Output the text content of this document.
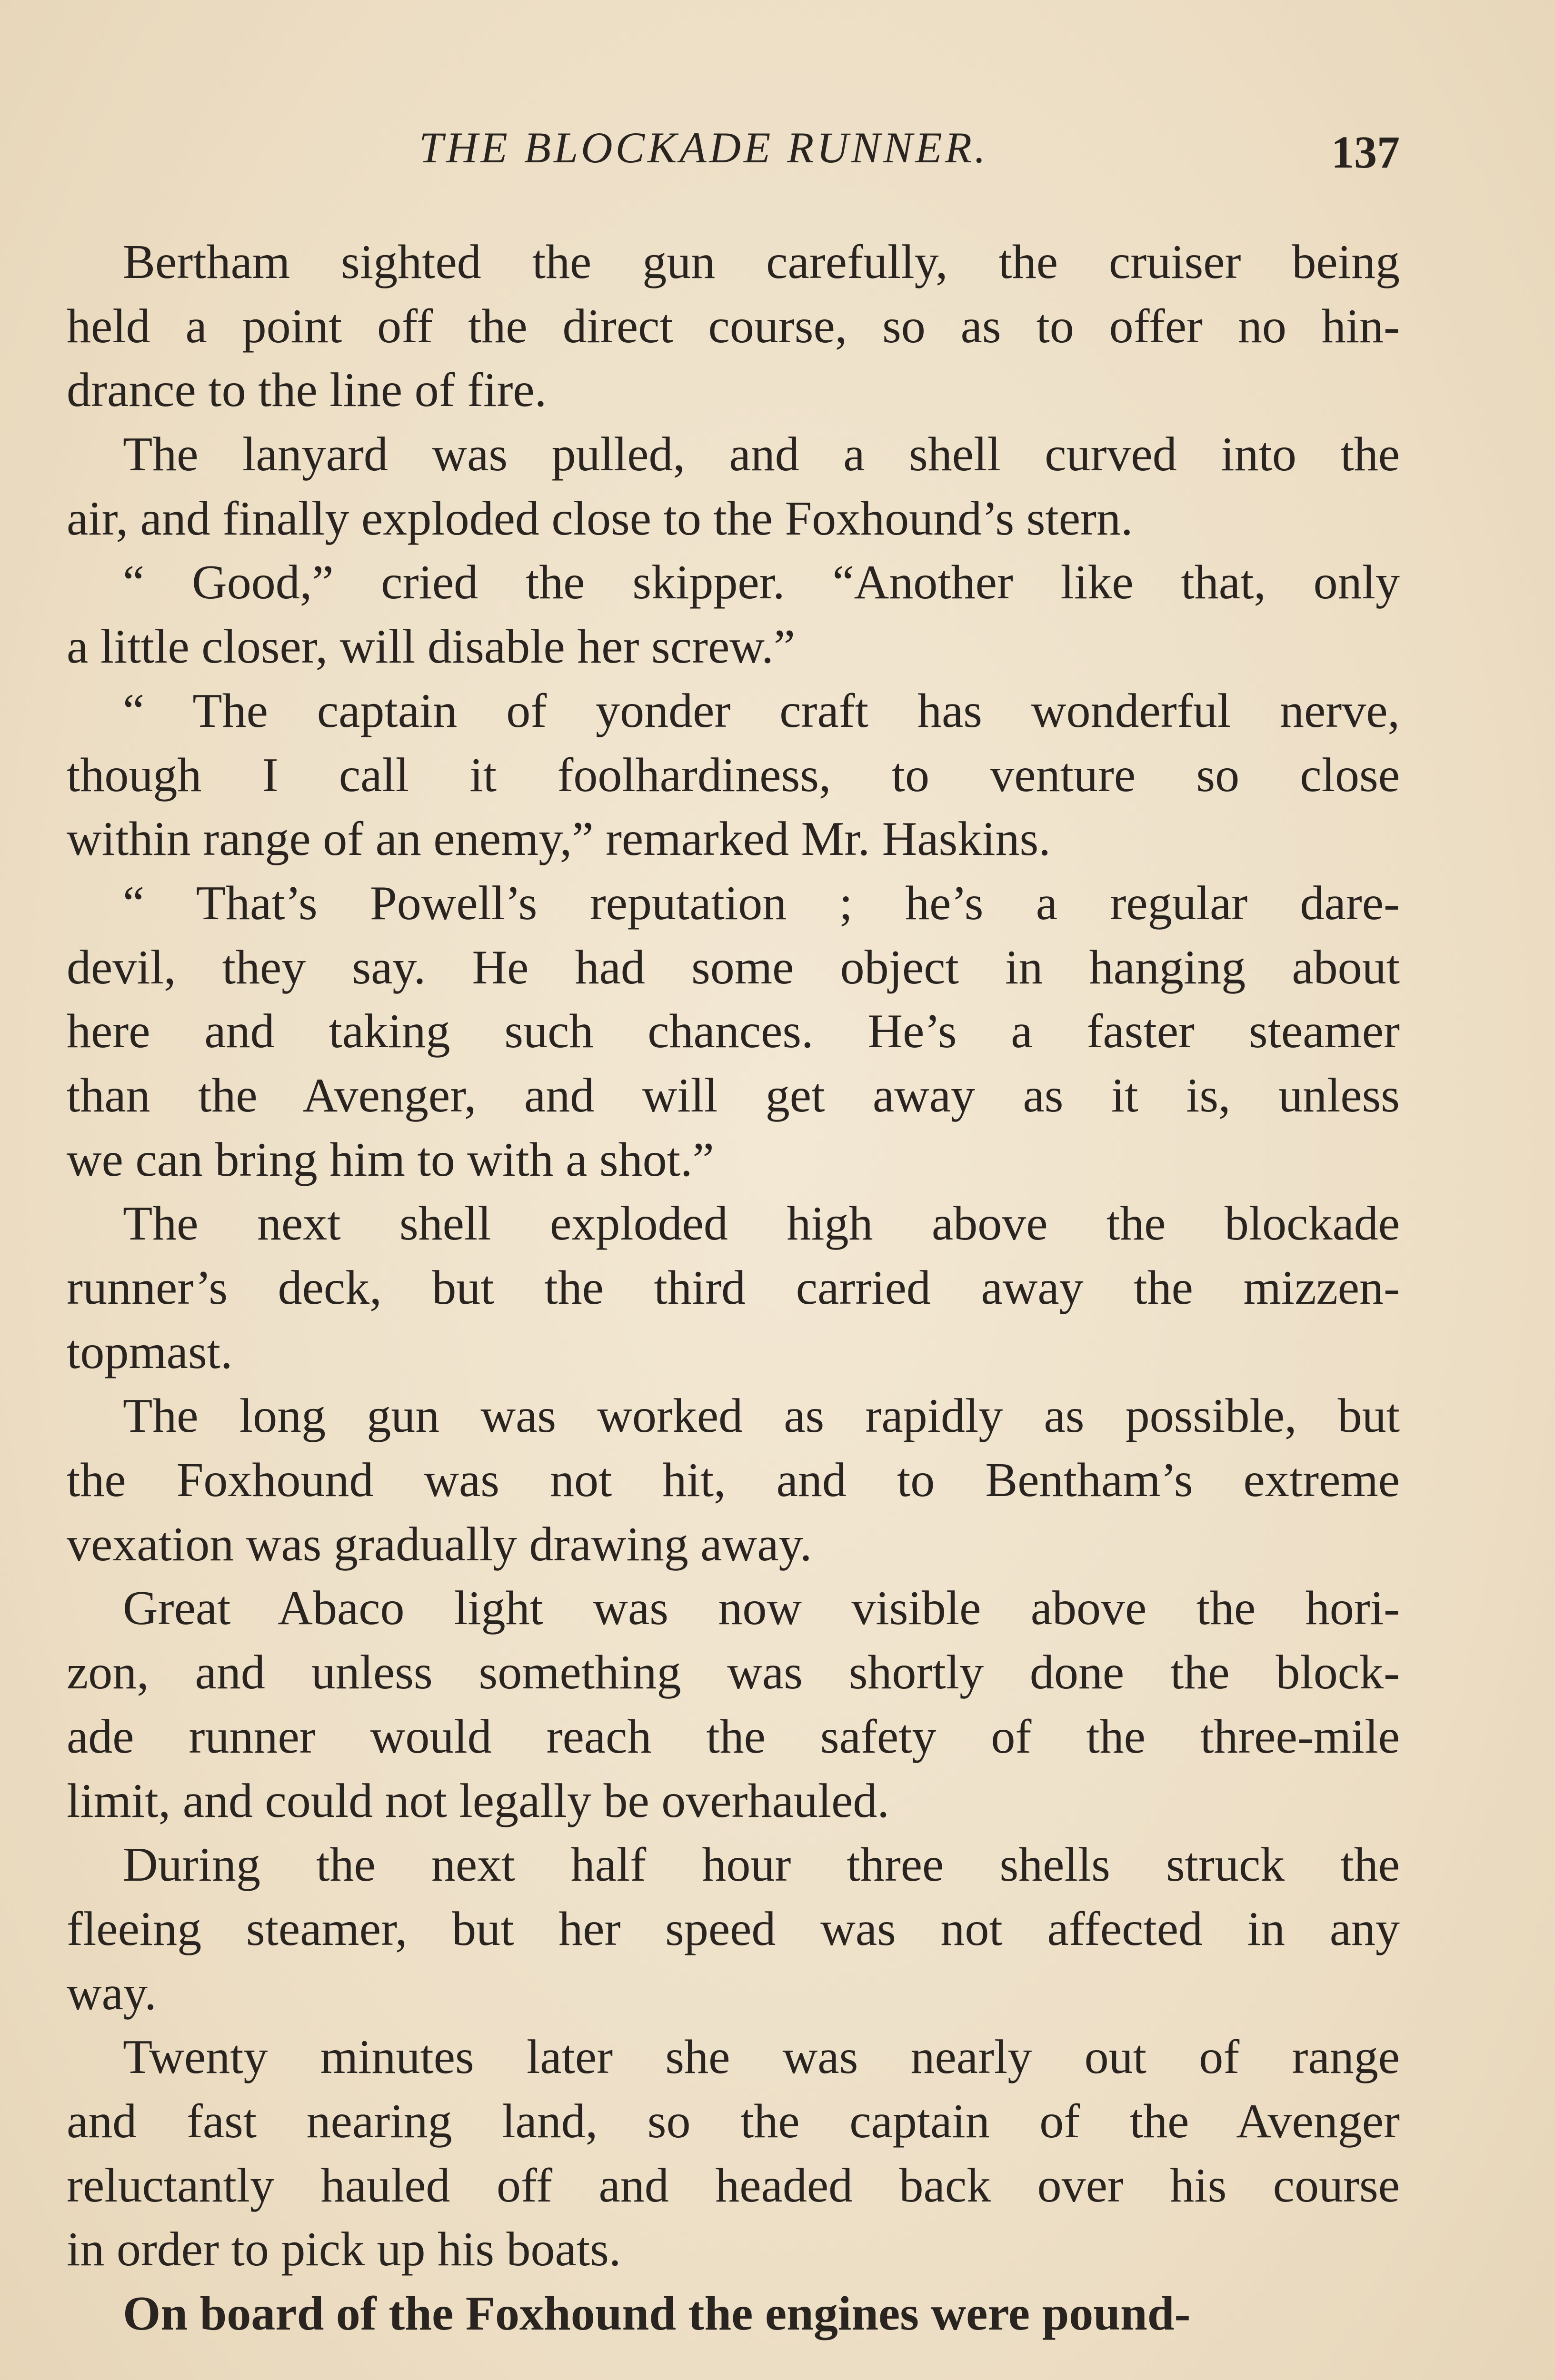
THE BLOCKADE RUNNER.	137
Bertham sighted the gun carefully, the cruiser being
held a point off the direct course, so as to offer no hin-
drance to the line of fire.
The lanyard was pulled, and a shell curved into the
air, and finally exploded close to the Foxhound’s stern.
“ Good,” cried the skipper. “Another like that, only
a little closer, will disable her screw.”
“ The captain of yonder craft has wonderful nerve,
though I call it foolhardiness, to venture so close
within range of an enemy,” remarked Mr. Haskins.
“ That’s Powell’s reputation ; he’s a regular dare-
devil, they say. He had some object in hanging about
here and taking such chances. He’s a faster steamer
than the Avenger, and will get away as it is, unless
we can bring him to with a shot.”
The next shell exploded high above the blockade
runner’s deck, but the third carried away the mizzen-
topmast.
The long gun was worked as rapidly as possible, but
the Foxhound was not hit, and to Bentham’s extreme
vexation was gradually drawing away.
Great Abaco light was now visible above the hori-
zon, and unless something was shortly done the block-
ade runner would reach the safety of the three-mile
limit, and could not legally be overhauled.
During the next half hour three shells struck the
fleeing steamer, but her speed was not affected in any
way.
Twenty minutes later she was nearly out of range
and fast nearing land, so the captain of the Avenger
reluctantly hauled off and headed back over his course
in order to pick up his boats.
On board of the Foxhound the engines were pound-
